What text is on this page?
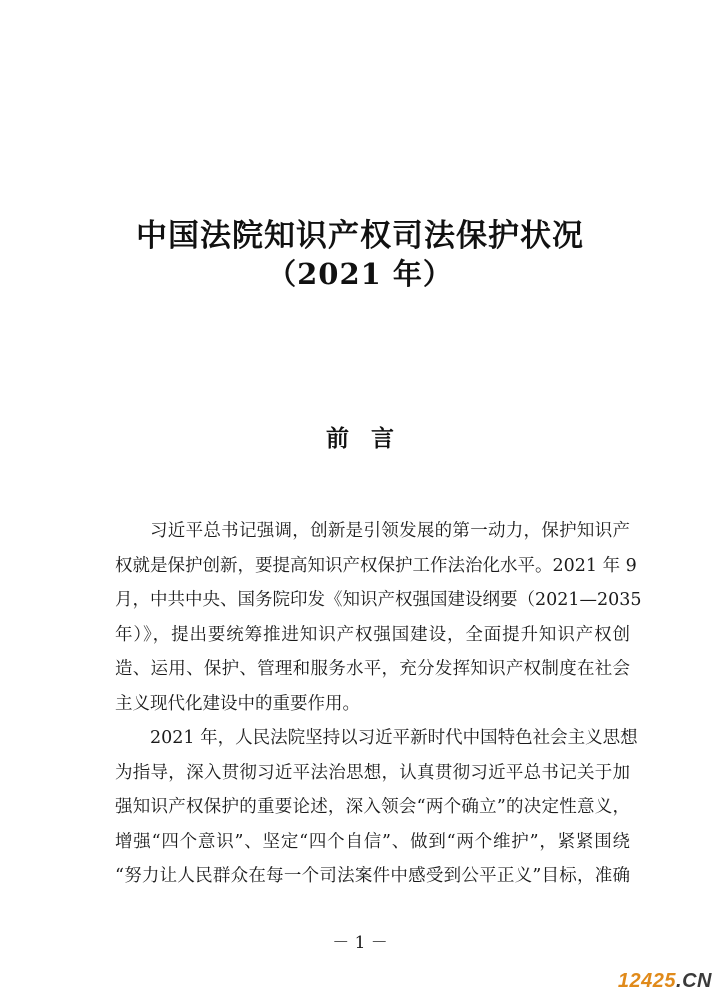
中国法院知识产权司法保护状况
（2021 年）
前 言
习近平总书记强调，创新是引领发展的第一动力，保护知识产
权就是保护创新，要提高知识产权保护工作法治化水平。2021 年 9
月，中共中央、国务院印发《知识产权强国建设纲要（2021—2035
年）》，提出要统筹推进知识产权强国建设，全面提升知识产权创
造、运用、保护、管理和服务水平，充分发挥知识产权制度在社会
主义现代化建设中的重要作用。
2021 年，人民法院坚持以习近平新时代中国特色社会主义思想
为指导，深入贯彻习近平法治思想，认真贯彻习近平总书记关于加
强知识产权保护的重要论述，深入领会“两个确立”的决定性意义，
增强“四个意识”、坚定“四个自信”、做到“两个维护”，紧紧围绕
“努力让人民群众在每一个司法案件中感受到公平正义”目标，准确
－ 1 －
12425.CN
